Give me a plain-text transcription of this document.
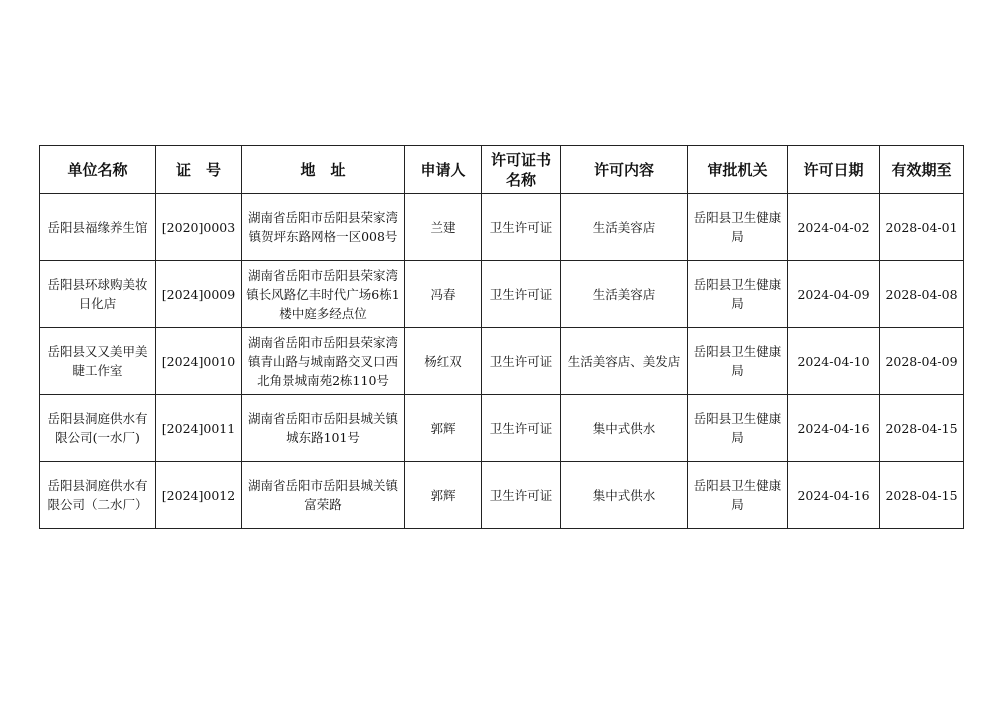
单位名称	证　号	地　址	申请人	许可证书名称	许可内容	审批机关	许可日期	有效期至
岳阳县福缘养生馆	[2020]0003	湖南省岳阳市岳阳县荣家湾镇贺坪东路网格一区008号	兰建	卫生许可证	生活美容店	岳阳县卫生健康局	2024-04-02	2028-04-01
岳阳县环球购美妆日化店	[2024]0009	湖南省岳阳市岳阳县荣家湾镇长风路亿丰时代广场6栋1楼中庭多经点位	冯春	卫生许可证	生活美容店	岳阳县卫生健康局	2024-04-09	2028-04-08
岳阳县又又美甲美睫工作室	[2024]0010	湖南省岳阳市岳阳县荣家湾镇青山路与城南路交叉口西北角景城南苑2栋110号	杨红双	卫生许可证	生活美容店、美发店	岳阳县卫生健康局	2024-04-10	2028-04-09
岳阳县洞庭供水有限公司(一水厂)	[2024]0011	湖南省岳阳市岳阳县城关镇城东路101号	郭辉	卫生许可证	集中式供水	岳阳县卫生健康局	2024-04-16	2028-04-15
岳阳县洞庭供水有限公司（二水厂）	[2024]0012	湖南省岳阳市岳阳县城关镇富荣路	郭辉	卫生许可证	集中式供水	岳阳县卫生健康局	2024-04-16	2028-04-15
